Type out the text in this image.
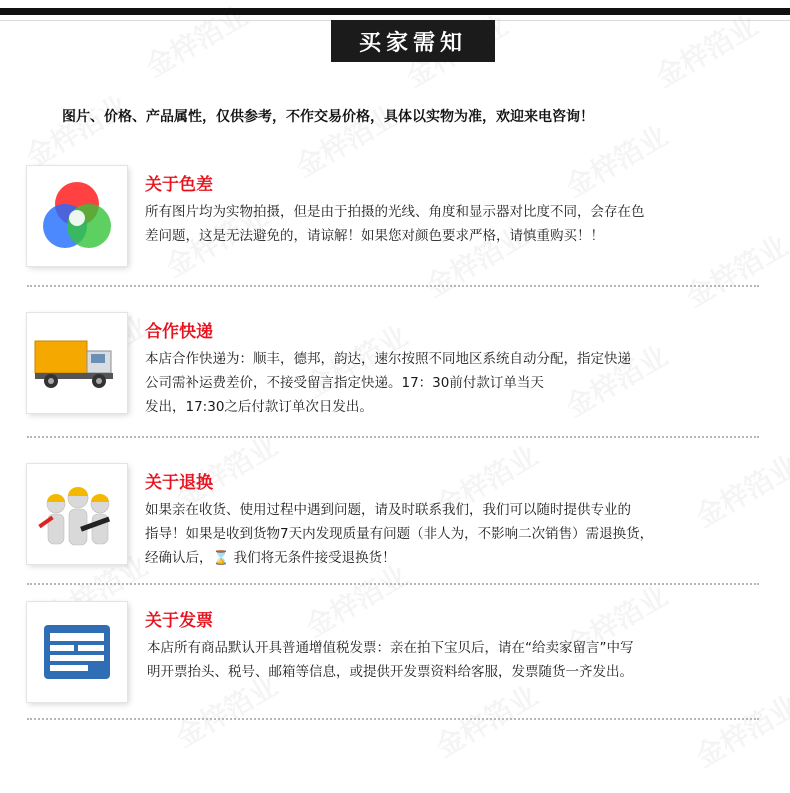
买家需知
图片、价格、产品属性，仅供参考，不作交易价格，具体以实物为准，欢迎来电咨询！
关于色差
所有图片均为实物拍摄，但是由于拍摄的光线、角度和显示器对比度不同，会存在色
差问题，这是无法避免的，请谅解！如果您对颜色要求严格，请慎重购买！！
合作快递
本店合作快递为：顺丰，德邦，韵达，速尔按照不同地区系统自动分配，指定快递
公司需补运费差价，不接受留言指定快递。17：30前付款订单当天
发出，17:30之后付款订单次日发出。
关于退换
如果亲在收货、使用过程中遇到问题，请及时联系我们，我们可以随时提供专业的
指导！如果是收到货物7天内发现质量有问题（非人为，不影响二次销售）需退换货，
经确认后，⌛ 我们将无条件接受退换货！
关于发票
本店所有商品默认开具普通增值税发票：亲在拍下宝贝后，请在“给卖家留言”中写
明开票抬头、税号、邮箱等信息，或提供开发票资料给客服，发票随货一齐发出。
